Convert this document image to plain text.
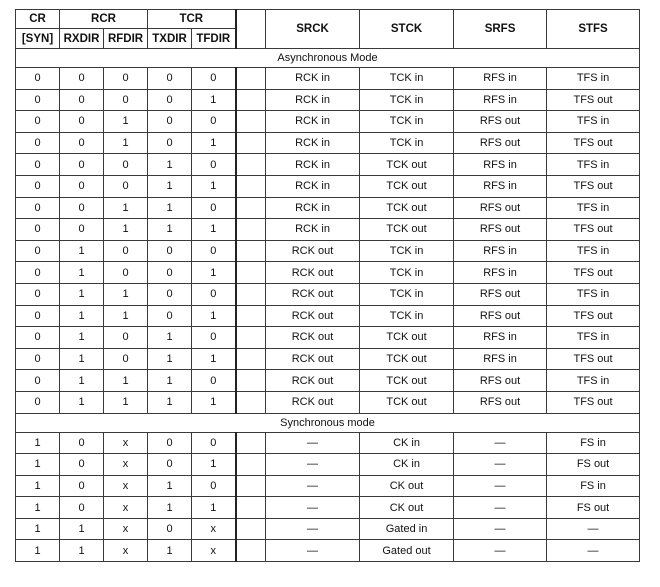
CR	RCR		TCR			SRCK	STCK	SRFS	STFS
[SYN]	RXDIR	RFDIR	TXDIR	TFDIR					
Asynchronous Mode									
0	0	0	0	0		RCK in	TCK in	RFS in	TFS in
0	0	0	0	1		RCK in	TCK in	RFS in	TFS out
0	0	1	0	0		RCK in	TCK in	RFS out	TFS in
0	0	1	0	1		RCK in	TCK in	RFS out	TFS out
0	0	0	1	0		RCK in	TCK out	RFS in	TFS in
0	0	0	1	1		RCK in	TCK out	RFS in	TFS out
0	0	1	1	0		RCK in	TCK out	RFS out	TFS in
0	0	1	1	1		RCK in	TCK out	RFS out	TFS out
0	1	0	0	0		RCK out	TCK in	RFS in	TFS in
0	1	0	0	1		RCK out	TCK in	RFS in	TFS out
0	1	1	0	0		RCK out	TCK in	RFS out	TFS in
0	1	1	0	1		RCK out	TCK in	RFS out	TFS out
0	1	0	1	0		RCK out	TCK out	RFS in	TFS in
0	1	0	1	1		RCK out	TCK out	RFS in	TFS out
0	1	1	1	0		RCK out	TCK out	RFS out	TFS in
0	1	1	1	1		RCK out	TCK out	RFS out	TFS out
Synchronous mode									
1	0	x	0	0		—	CK in	—	FS in
1	0	x	0	1		—	CK in	—	FS out
1	0	x	1	0		—	CK out	—	FS in
1	0	x	1	1		—	CK out	—	FS out
1	1	x	0	x		—	Gated in	—	—
1	1	x	1	x		—	Gated out	—	—
